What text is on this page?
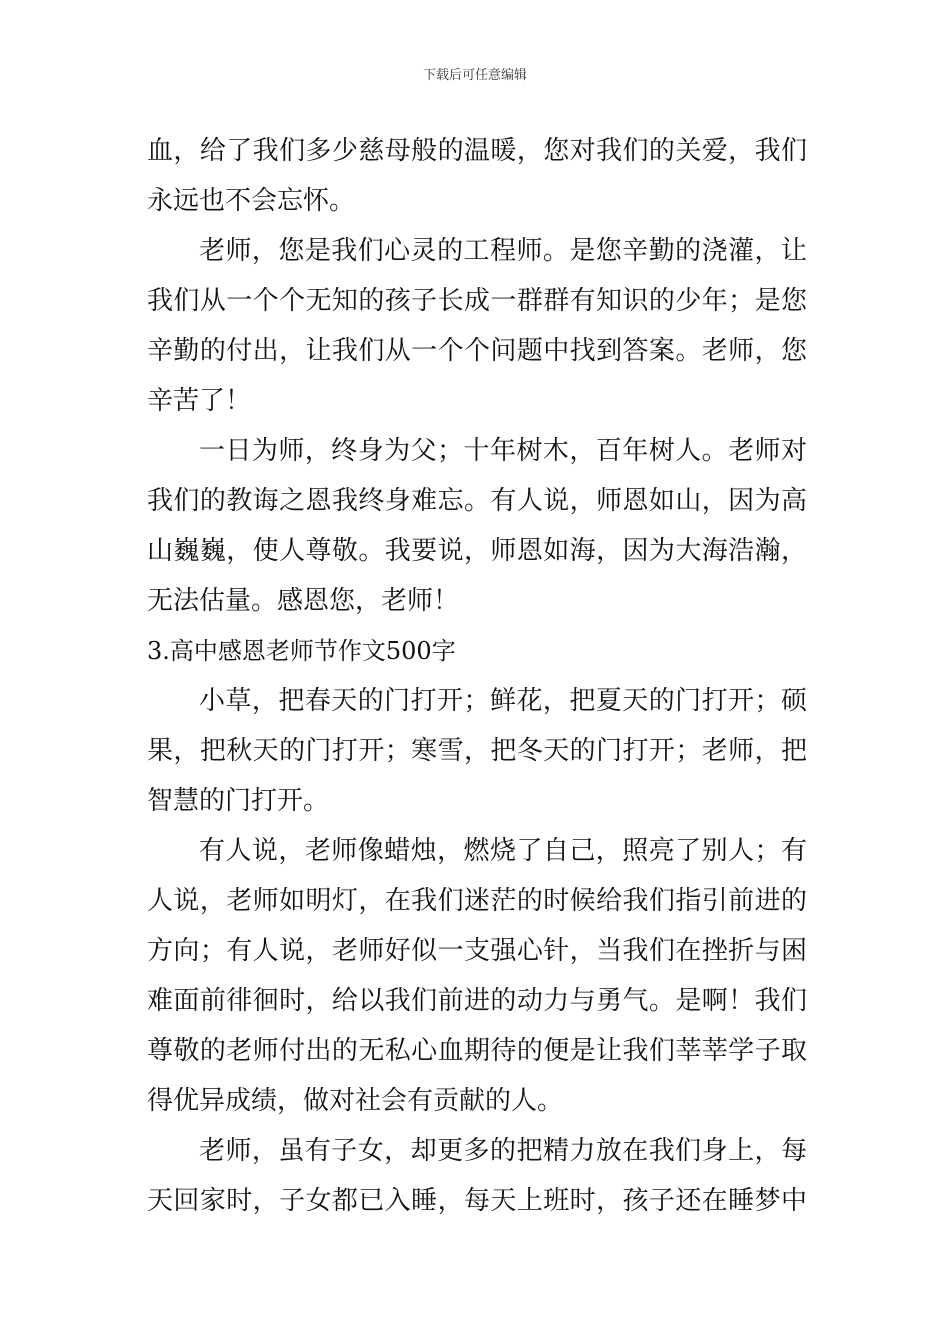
下载后可任意编辑
血，给了我们多少慈母般的温暖，您对我们的关爱，我们
永远也不会忘怀。
老师，您是我们心灵的工程师。是您辛勤的浇灌，让
我们从一个个无知的孩子长成一群群有知识的少年；是您
辛勤的付出，让我们从一个个问题中找到答案。老师，您
辛苦了！
一日为师，终身为父；十年树木，百年树人。老师对
我们的教诲之恩我终身难忘。有人说，师恩如山，因为高
山巍巍，使人尊敬。我要说，师恩如海，因为大海浩瀚，
无法估量。感恩您，老师！
3.高中感恩老师节作文500字
小草，把春天的门打开；鲜花，把夏天的门打开；硕
果，把秋天的门打开；寒雪，把冬天的门打开；老师，把
智慧的门打开。
有人说，老师像蜡烛，燃烧了自己，照亮了别人；有
人说，老师如明灯，在我们迷茫的时候给我们指引前进的
方向；有人说，老师好似一支强心针，当我们在挫折与困
难面前徘徊时，给以我们前进的动力与勇气。是啊！我们
尊敬的老师付出的无私心血期待的便是让我们莘莘学子取
得优异成绩，做对社会有贡献的人。
老师，虽有子女，却更多的把精力放在我们身上，每
天回家时，子女都已入睡，每天上班时，孩子还在睡梦中
